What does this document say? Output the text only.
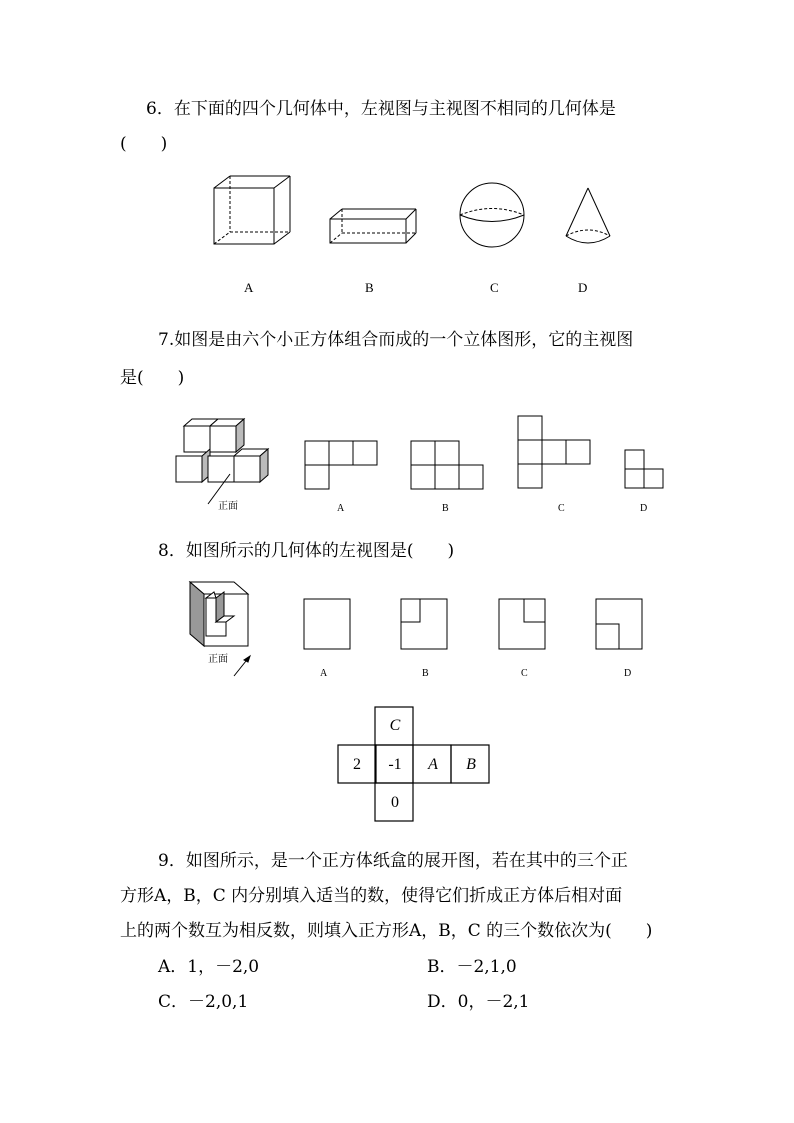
6．在下面的四个几何体中，左视图与主视图不相同的几何体是
(　　)
A	B	C	D
7.如图是由六个小正方体组合而成的一个立体图形，它的主视图
是(　　)
正面	A	B	C	D
8．如图所示的几何体的左视图是(　　)
正面
A	B	C	D
C
2	-1	A	B
0
9．如图所示，是一个正方体纸盒的展开图，若在其中的三个正
方形A，B，C 内分别填入适当的数，使得它们折成正方体后相对面
上的两个数互为相反数，则填入正方形A，B，C 的三个数依次为(　　)
A．1，－2,0	B．－2,1,0
C．－2,0,1	D．0，－2,1
